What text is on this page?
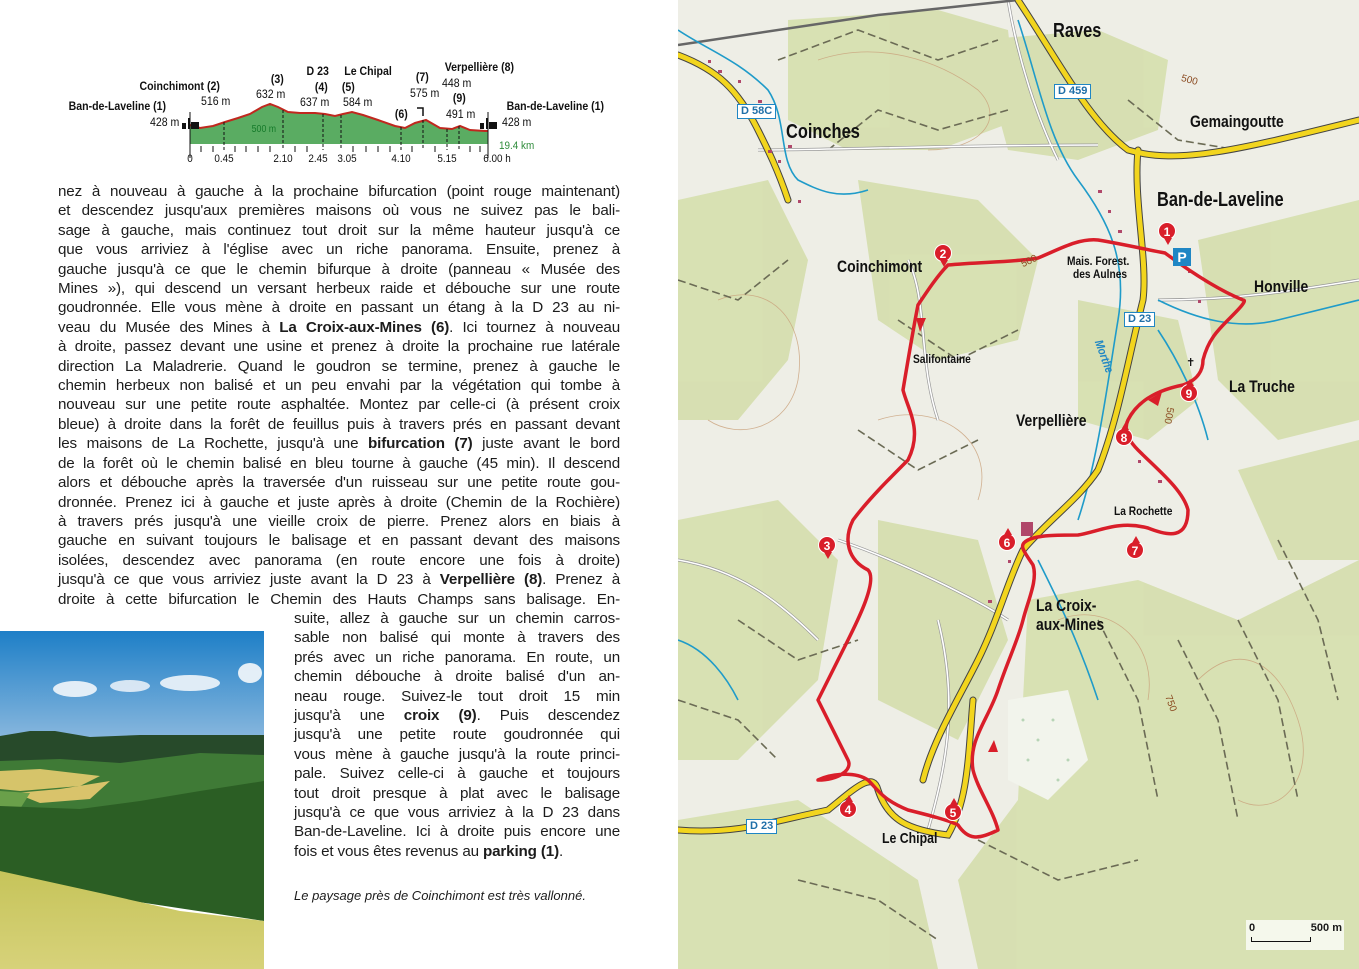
Ban-de-Laveline (1)
428 m
Coinchimont (2)
516 m
(3)
632 m
D 23
(4)
637 m
Le Chipal
(5)
584 m
(6)
(7)
575 m
Verpellière (8)
448 m
(9)
491 m
Ban-de-Laveline (1)
428 m
500 m
19.4 km
0 0.45	2.10 2.45 3.05	4.10 5.15 6.00 h
nez à nouveau à gauche à la prochaine bifurcation (point rouge maintenant)
et descendez jusqu'aux premières maisons où vous ne suivez pas le bali-
sage à gauche, mais continuez tout droit sur la même hauteur jusqu'à ce
que vous arriviez à l'église avec un riche panorama. Ensuite, prenez à
gauche jusqu'à ce que le chemin bifurque à droite (panneau « Musée des
Mines »), qui descend un versant herbeux raide et débouche sur une route
goudronnée. Elle vous mène à droite en passant un étang à la D 23 au ni-
veau du Musée des Mines à La Croix-aux-Mines (6). Ici tournez à nouveau
à droite, passez devant une usine et prenez à droite la prochaine rue latérale
direction La Maladrerie. Quand le goudron se termine, prenez à gauche le
chemin herbeux non balisé et un peu envahi par la végétation qui tombe à
nouveau sur une petite route asphaltée. Montez par celle-ci (à présent croix
bleue) à droite dans la forêt de feuillus puis à travers prés en passant devant
les maisons de La Rochette, jusqu'à une bifurcation (7) juste avant le bord
de la forêt où le chemin balisé en bleu tourne à gauche (45 min). Il descend
alors et débouche après la traversée d'un ruisseau sur une petite route gou-
dronnée. Prenez ici à gauche et juste après à droite (Chemin de la Rochière)
à travers prés jusqu'à une vieille croix de pierre. Prenez alors en biais à
gauche en suivant toujours le balisage et en passant devant des maisons
isolées, descendez avec panorama (en route encore une fois à droite)
jusqu'à ce que vous arriviez juste avant la D 23 à Verpellière (8). Prenez à
droite à cette bifurcation le Chemin des Hauts Champs sans balisage. En-
suite, allez à gauche sur un chemin carros-
sable non balisé qui monte à travers des
prés avec un riche panorama. En route, un
chemin débouche à droite balisé d'un an-
neau rouge. Suivez-le tout droit 15 min
jusqu'à une croix (9). Puis descendez
jusqu'à une petite route goudronnée qui
vous mène à gauche jusqu'à la route princi-
pale. Suivez celle-ci à gauche et toujours
tout droit presque à plat avec le balisage
jusqu'à ce que vous arriviez à la D 23 dans
Ban-de-Laveline. Ici à droite puis encore une
fois et vous êtes revenus au parking (1).
Le paysage près de Coinchimont est très vallonné.
✝
Raves
Coinches	Gemaingoutte
Ban-de-Laveline
Coinchimont	Mais. Forest.
des Aulnes
Honville
Salifontaine
La Truche
Verpellière
La Rochette
La Croix-
aux-Mines
Le Chipal
Morthe
D 459
D 58C
D 23
D 23
500
500
500
750
1
P
2
3
4	5
6
7
8
9
0	500 m
